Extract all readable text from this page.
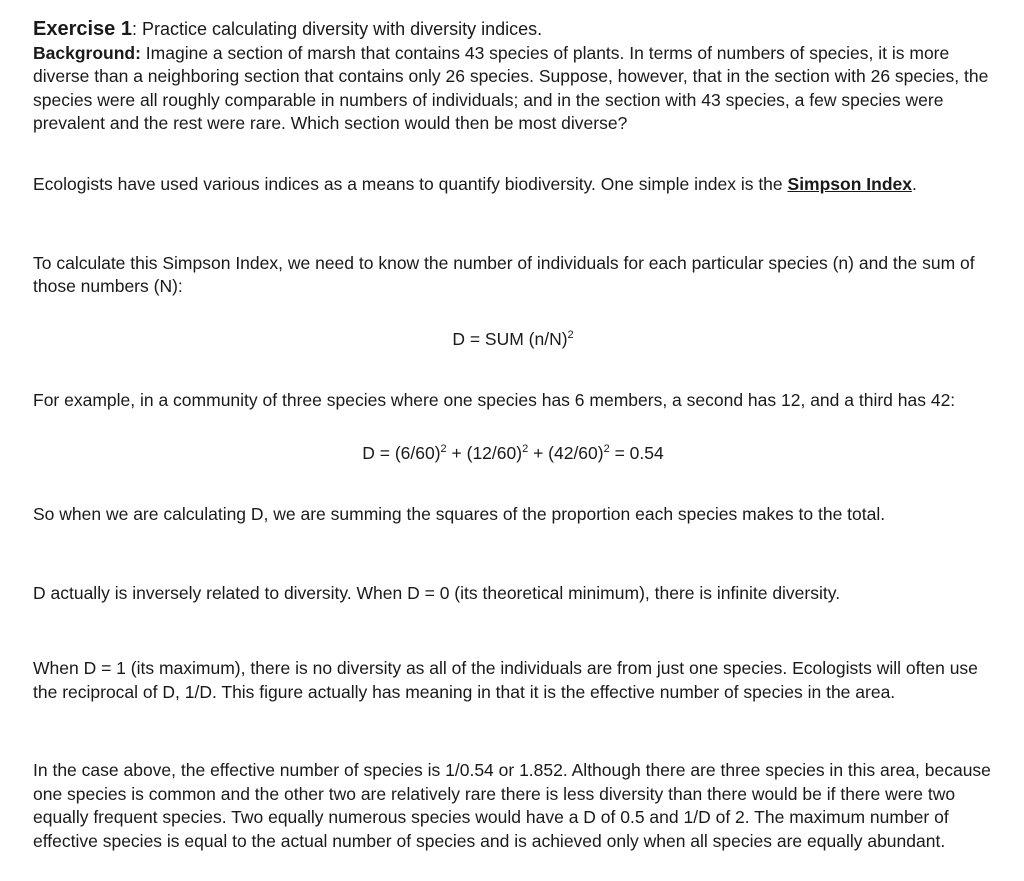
Exercise 1: Practice calculating diversity with diversity indices.

Background: Imagine a section of marsh that contains 43 species of plants. In terms of numbers of species, it is more diverse than a neighboring section that contains only 26 species. Suppose, however, that in the section with 26 species, the species were all roughly comparable in numbers of individuals; and in the section with 43 species, a few species were prevalent and the rest were rare. Which section would then be most diverse?

Ecologists have used various indices as a means to quantify biodiversity. One simple index is the Simpson Index.

To calculate this Simpson Index, we need to know the number of individuals for each particular species (n) and the sum of those numbers (N):

D = SUM $(n/N)^2$

For example, in a community of three species where one species has 6 members, a second has 12, and a third has 42:

$D = (6/60)^2 + (12/60)^2 + (42/60)^2 = 0.54$

So when we are calculating D, we are summing the squares of the proportion each species makes to the total.

D actually is inversely related to diversity. When D = 0 (its theoretical minimum), there is infinite diversity.

When D = 1 (its maximum), there is no diversity as all of the individuals are from just one species. Ecologists will often use the reciprocal of D, 1/D. This figure actually has meaning in that it is the effective number of species in the area.

In the case above, the effective number of species is 1/0.54 or 1.852. Although there are three species in this area, because one species is common and the other two are relatively rare there is less diversity than there would be if there were two equally frequent species. Two equally numerous species would have a D of 0.5 and 1/D of 2. The maximum number of effective species is equal to the actual number of species and is achieved only when all species are equally abundant.
